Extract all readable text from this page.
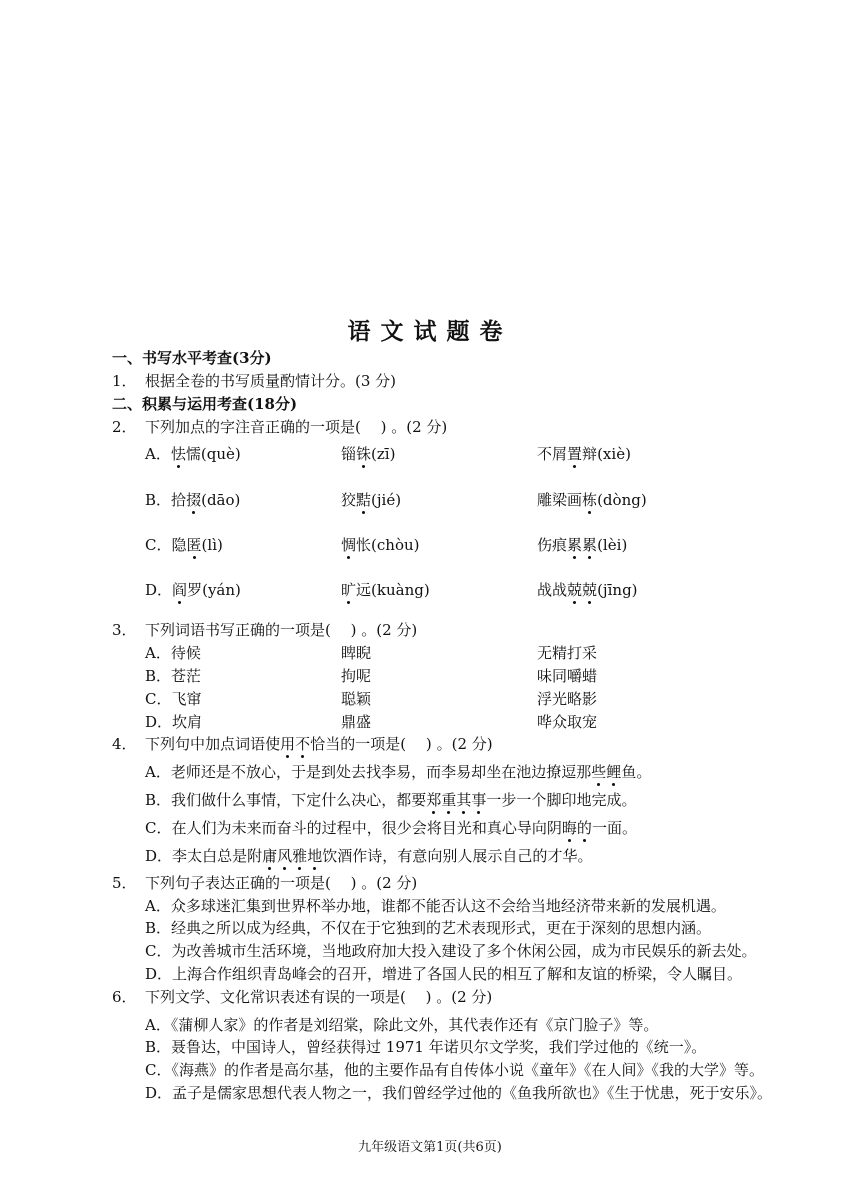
语文试题卷
一、书写水平考查(3分)
1． 根据全卷的书写质量酌情计分。(3 分)
二、积累与运用考查(18分)
2． 下列加点的字注音正确的一项是(　 ) 。(2 分)
A．怯懦(què)	锱铢(zī)	不屑置辩(xiè)
B．拾掇(dāo)	狡黠(jié)	雕梁画栋(dòng)
C．隐匿(lì)	惆怅(chòu)	伤痕累累(lèi)
D．阎罗(yán)	旷远(kuàng)	战战兢兢(jīng)
3． 下列词语书写正确的一项是(　 ) 。(2 分)
A．待候	睥睨	无精打采
B．苍茫	拘呢	味同嚼蜡
C．飞窜	聪颖	浮光略影
D．坎肩	鼎盛	哗众取宠
4． 下列句中加点词语使用不恰当的一项是(　 ) 。(2 分)
A．老师还是不放心，于是到处去找李易，而李易却坐在池边撩逗那些鲤鱼。
B．我们做什么事情，下定什么决心，都要郑重其事一步一个脚印地完成。
C．在人们为未来而奋斗的过程中，很少会将目光和真心导向阴晦的一面。
D．李太白总是附庸风雅地饮酒作诗，有意向别人展示自己的才华。
5． 下列句子表达正确的一项是(　 ) 。(2 分)
A．众多球迷汇集到世界杯举办地，谁都不能否认这不会给当地经济带来新的发展机遇。
B．经典之所以成为经典，不仅在于它独到的艺术表现形式，更在于深刻的思想内涵。
C．为改善城市生活环境，当地政府加大投入建设了多个休闲公园，成为市民娱乐的新去处。
D．上海合作组织青岛峰会的召开，增进了各国人民的相互了解和友谊的桥梁，令人瞩目。
6． 下列文学、文化常识表述有误的一项是(　 ) 。(2 分)
A．《蒲柳人家》的作者是刘绍棠，除此文外，其代表作还有《京门脸子》等。
B．聂鲁达，中国诗人，曾经获得过 1971 年诺贝尔文学奖，我们学过他的《统一》。
C．《海燕》的作者是高尔基，他的主要作品有自传体小说《童年》《在人间》《我的大学》等。
D．孟子是儒家思想代表人物之一，我们曾经学过他的《鱼我所欲也》《生于忧患，死于安乐》。
九年级语文第1页(共6页)
